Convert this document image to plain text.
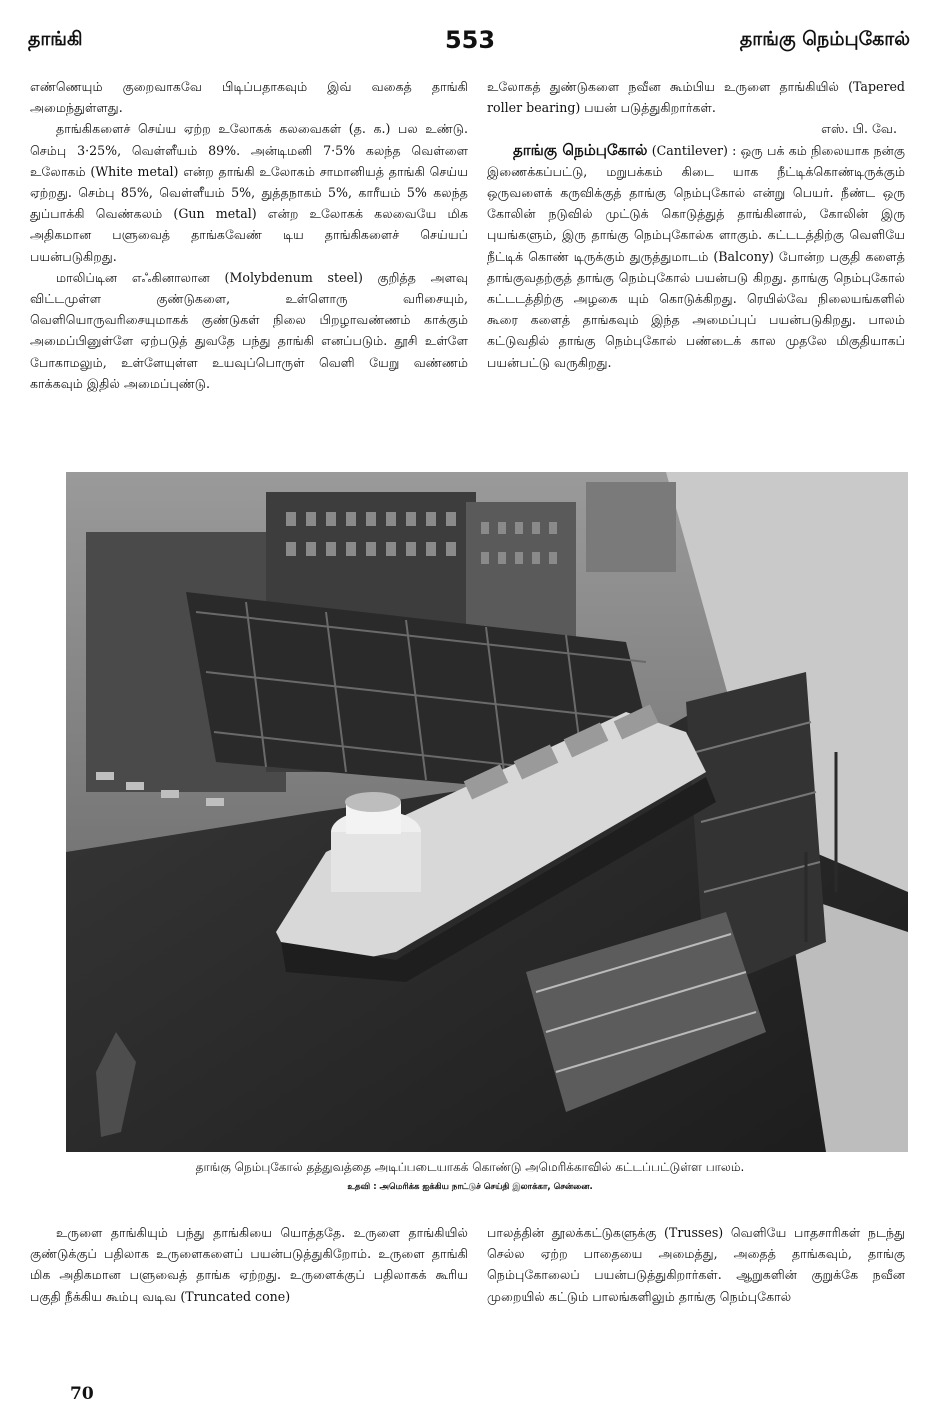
தாங்கி	553	தாங்கு நெம்புகோல்

எண்ணெயும் குறைவாகவே பிடிப்பதாகவும் இவ் வகைத் தாங்கி அமைந்துள்ளது.

தாங்கிகளைச் செய்ய ஏற்ற உலோகக் கலவைகள் (த. க.) பல உண்டு. செம்பு 3·25%, வெள்ளீயம் 89%. அன்டிமனி 7·5% கலந்த வெள்ளை உலோகம் (White metal) என்ற தாங்கி உலோகம் சாமானியத் தாங்கி செய்ய ஏற்றது. செம்பு 85%, வெள்ளீயம் 5%, துத்தநாகம் 5%, காரீயம் 5% கலந்த துப்பாக்கி வெண்கலம் (Gun metal) என்ற உலோகக் கலவையே மிக அதிகமான பளுவைத் தாங்கவேண் டிய தாங்கிகளைச் செய்யப் பயன்படுகிறது.

மாலிப்டின எஃகினாலான (Molybdenum steel) குறித்த அளவு விட்டமுள்ள குண்டுகளை, உள்ளொரு வரிசையும், வெளியொருவரிசையுமாகக் குண்டுகள் நிலை பிறழாவண்ணம் காக்கும் அமைப்பினுள்ளே ஏற்படுத் துவதே பந்து தாங்கி எனப்படும். தூசி உள்ளே போகாமலும், உள்ளேயுள்ள உயவுப்பொருள் வெளி யேறு வண்ணம் காக்கவும் இதில் அமைப்புண்டு.

உலோகத் துண்டுகளை நவீன கூம்பிய உருளை தாங்கியில் (Tapered roller bearing) பயன் படுத்துகிறார்கள்.

எஸ். பி. வே.

தாங்கு நெம்புகோல் (Cantilever) : ஒரு பக் கம் நிலையாக நன்கு இணைக்கப்பட்டு, மறுபக்கம் கிடை யாக நீட்டிக்கொண்டிருக்கும் ஒருவளைக் கருவிக்குத் தாங்கு நெம்புகோல் என்று பெயர். நீண்ட ஒரு கோலின் நடுவில் முட்டுக் கொடுத்துத் தாங்கினால், கோலின் இரு புயங்களும், இரு தாங்கு நெம்புகோல்க ளாகும். கட்டடத்திற்கு வெளியே நீட்டிக் கொண் டிருக்கும் துருத்துமாடம் (Balcony) போன்ற பகுதி களைத் தாங்குவதற்குத் தாங்கு நெம்புகோல் பயன்படு கிறது. தாங்கு நெம்புகோல் கட்டடத்திற்கு அழகை யும் கொடுக்கிறது. ரெயில்வே நிலையங்களில் கூரை களைத் தாங்கவும் இந்த அமைப்புப் பயன்படுகிறது. பாலம் கட்டுவதில் தாங்கு நெம்புகோல் பண்டைக் கால முதலே மிகுதியாகப் பயன்பட்டு வருகிறது.

தாங்கு நெம்புகோல் தத்துவத்தை அடிப்படையாகக் கொண்டு அமெரிக்காவில் கட்டப்பட்டுள்ள பாலம்.
உதவி : அமெரிக்க ஐக்கிய நாட்டுச் செய்தி இலாக்கா, சென்னை.

உருளை தாங்கியும் பந்து தாங்கியை யொத்ததே. உருளை தாங்கியில் குண்டுக்குப் பதிலாக உருளைகளைப் பயன்படுத்துகிறோம். உருளை தாங்கி மிக அதிகமான பளுவைத் தாங்க ஏற்றது. உருளைக்குப் பதிலாகக் கூரிய பகுதி நீக்கிய கூம்பு வடிவ (Truncated cone)

பாலத்தின் தூலக்கட்டுகளுக்கு (Trusses) வெளியே பாதசாரிகள் நடந்து செல்ல ஏற்ற பாதையை அமைத்து, அதைத் தாங்கவும், தாங்கு நெம்புகோலைப் பயன்படுத்துகிறார்கள். ஆறுகளின் குறுக்கே நவீன முறையில் கட்டும் பாலங்களிலும் தாங்கு நெம்புகோல்

70
